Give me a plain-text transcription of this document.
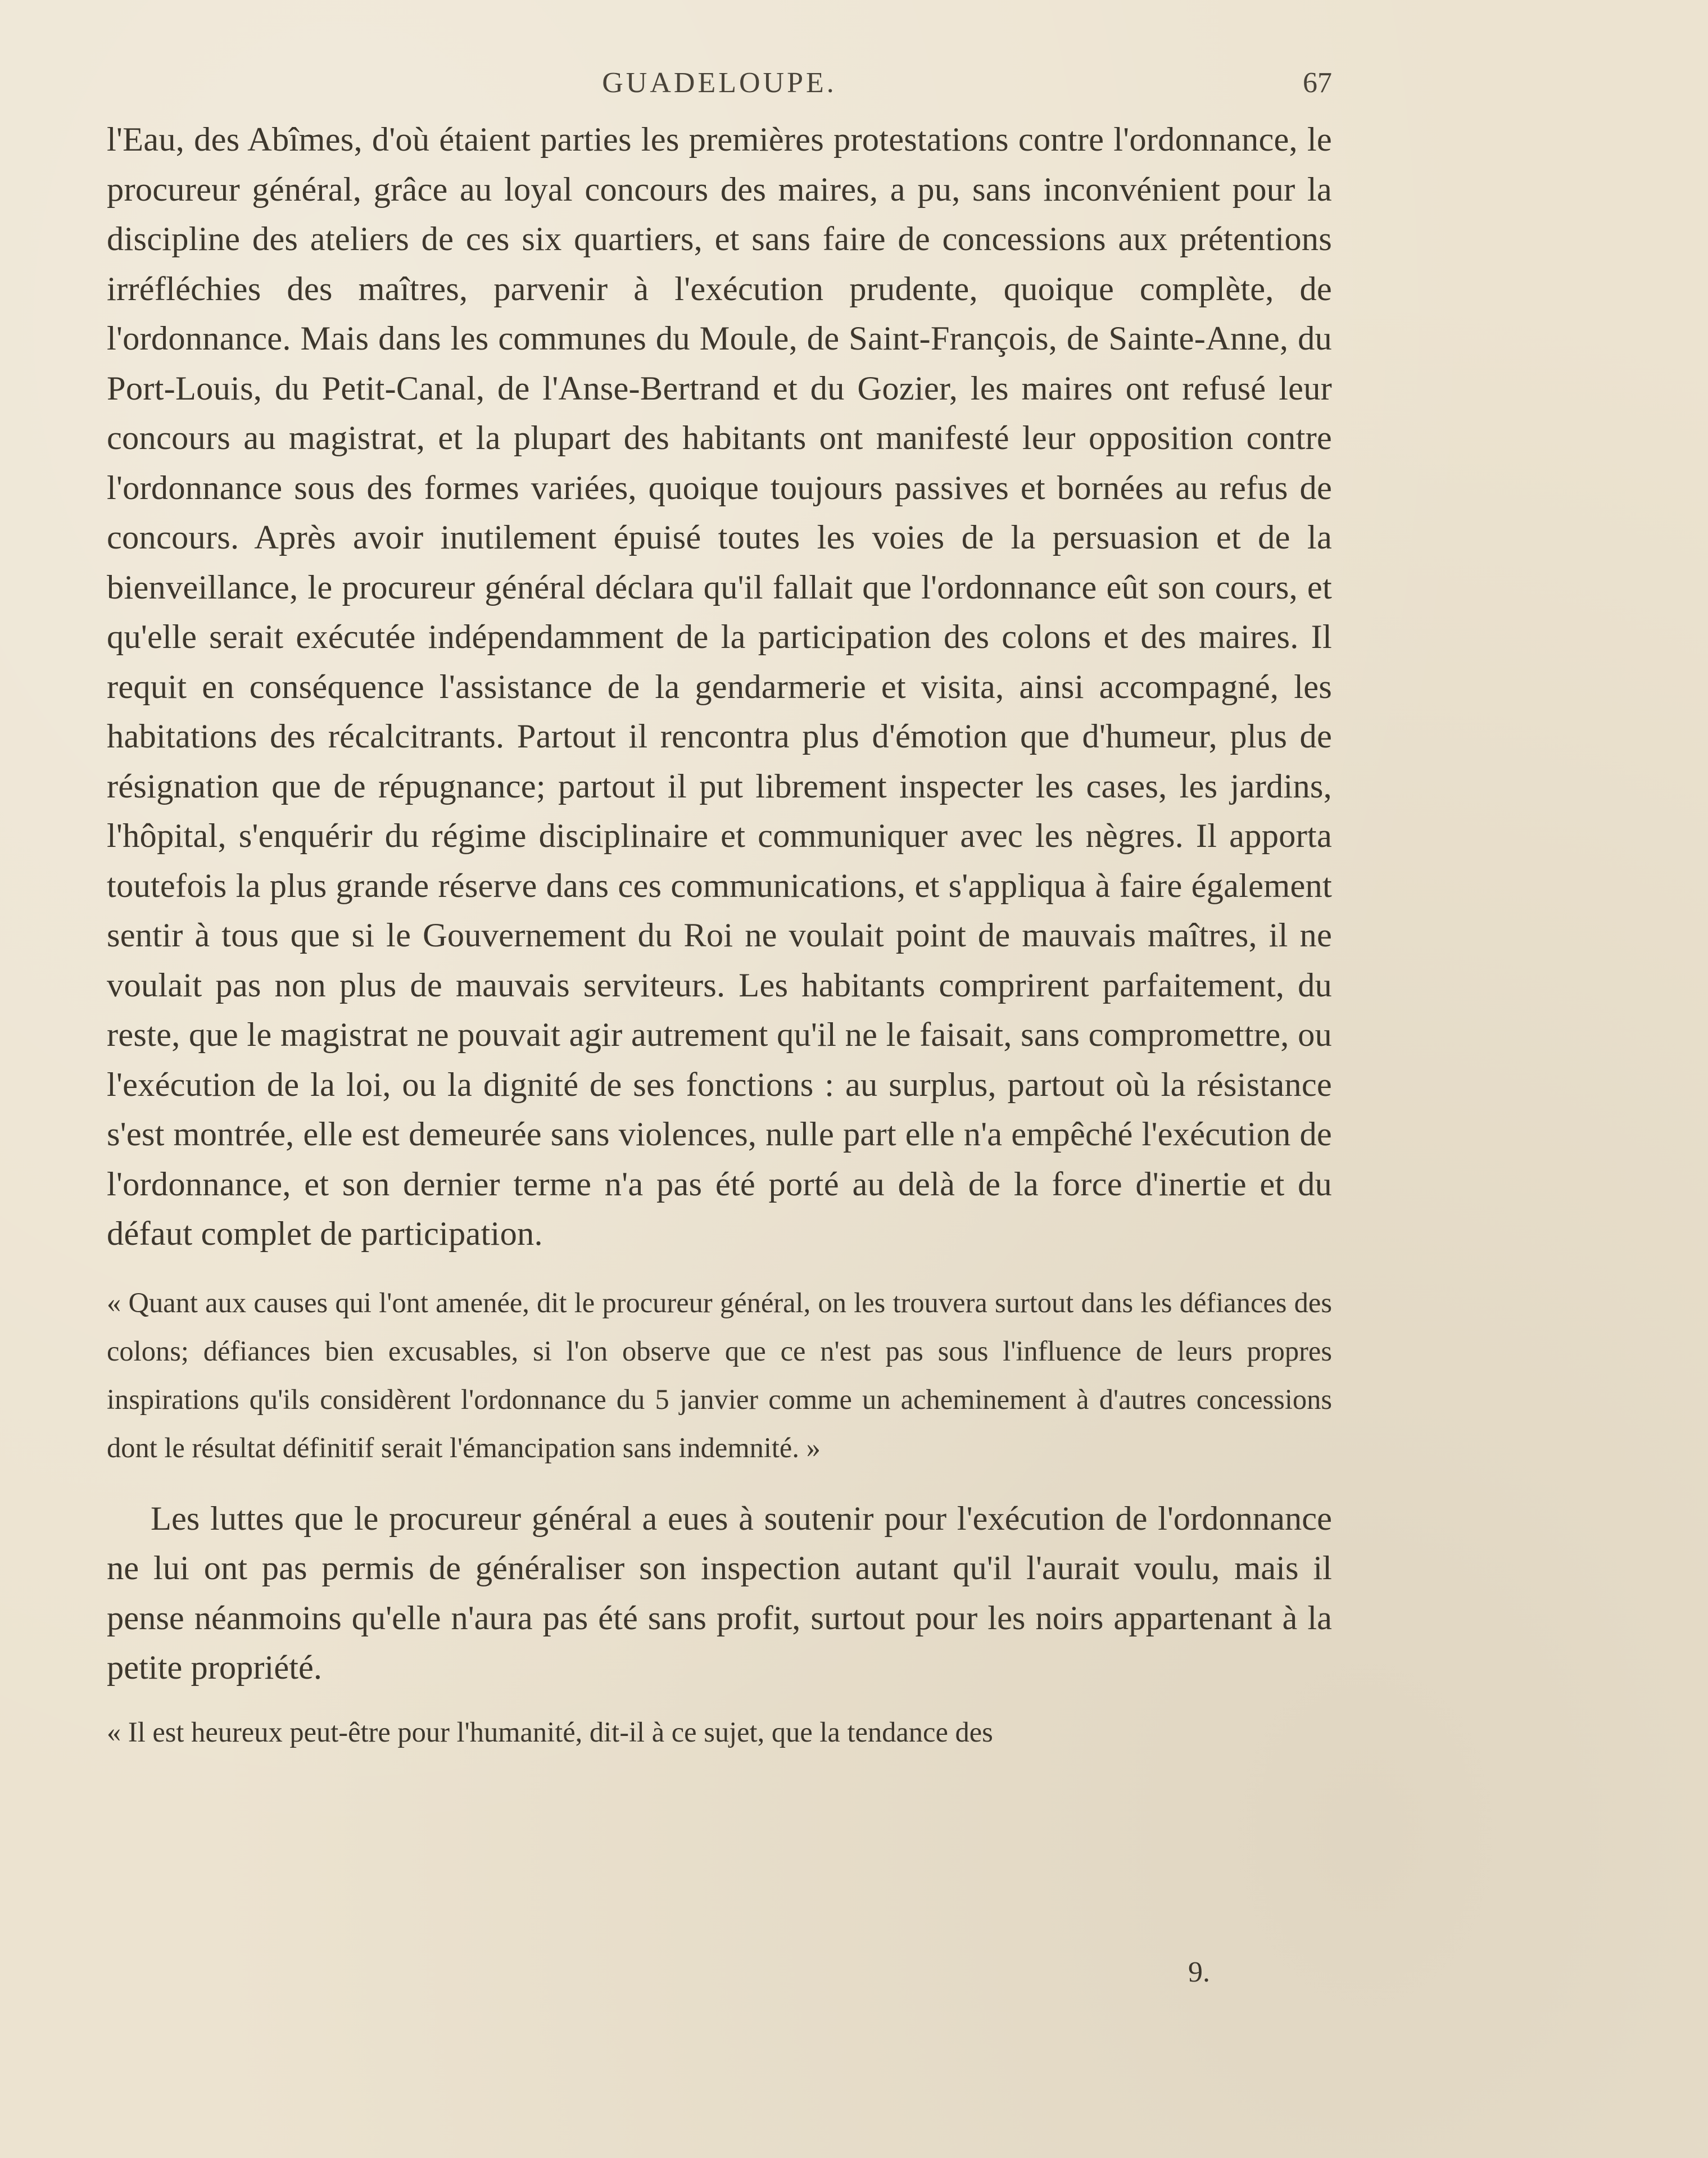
GUADELOUPE.	67

l'Eau, des Abîmes, d'où étaient parties les premières protestations contre l'ordonnance, le procureur général, grâce au loyal concours des maires, a pu, sans inconvénient pour la discipline des ateliers de ces six quartiers, et sans faire de concessions aux prétentions irréfléchies des maîtres, parvenir à l'exécution prudente, quoique complète, de l'ordonnance. Mais dans les communes du Moule, de Saint-François, de Sainte-Anne, du Port-Louis, du Petit-Canal, de l'Anse-Bertrand et du Gozier, les maires ont refusé leur concours au magistrat, et la plupart des habitants ont manifesté leur opposition contre l'ordonnance sous des formes variées, quoique toujours passives et bornées au refus de concours. Après avoir inutilement épuisé toutes les voies de la persuasion et de la bienveillance, le procureur général déclara qu'il fallait que l'ordonnance eût son cours, et qu'elle serait exécutée indépendamment de la participation des colons et des maires. Il requit en conséquence l'assistance de la gendarmerie et visita, ainsi accompagné, les habitations des récalcitrants. Partout il rencontra plus d'émotion que d'humeur, plus de résignation que de répugnance; partout il put librement inspecter les cases, les jardins, l'hôpital, s'enquérir du régime disciplinaire et communiquer avec les nègres. Il apporta toutefois la plus grande réserve dans ces communications, et s'appliqua à faire également sentir à tous que si le Gouvernement du Roi ne voulait point de mauvais maîtres, il ne voulait pas non plus de mauvais serviteurs. Les habitants comprirent parfaitement, du reste, que le magistrat ne pouvait agir autrement qu'il ne le faisait, sans compromettre, ou l'exécution de la loi, ou la dignité de ses fonctions : au surplus, partout où la résistance s'est montrée, elle est demeurée sans violences, nulle part elle n'a empêché l'exécution de l'ordonnance, et son dernier terme n'a pas été porté au delà de la force d'inertie et du défaut complet de participation.

« Quant aux causes qui l'ont amenée, dit le procureur général, on les trouvera surtout dans les défiances des colons; défiances bien excusables, si l'on observe que ce n'est pas sous l'influence de leurs propres inspirations qu'ils considèrent l'ordonnance du 5 janvier comme un acheminement à d'autres concessions dont le résultat définitif serait l'émancipation sans indemnité. »

Les luttes que le procureur général a eues à soutenir pour l'exécution de l'ordonnance ne lui ont pas permis de généraliser son inspection autant qu'il l'aurait voulu, mais il pense néanmoins qu'elle n'aura pas été sans profit, surtout pour les noirs appartenant à la petite propriété.

« Il est heureux peut-être pour l'humanité, dit-il à ce sujet, que la tendance des

9.
